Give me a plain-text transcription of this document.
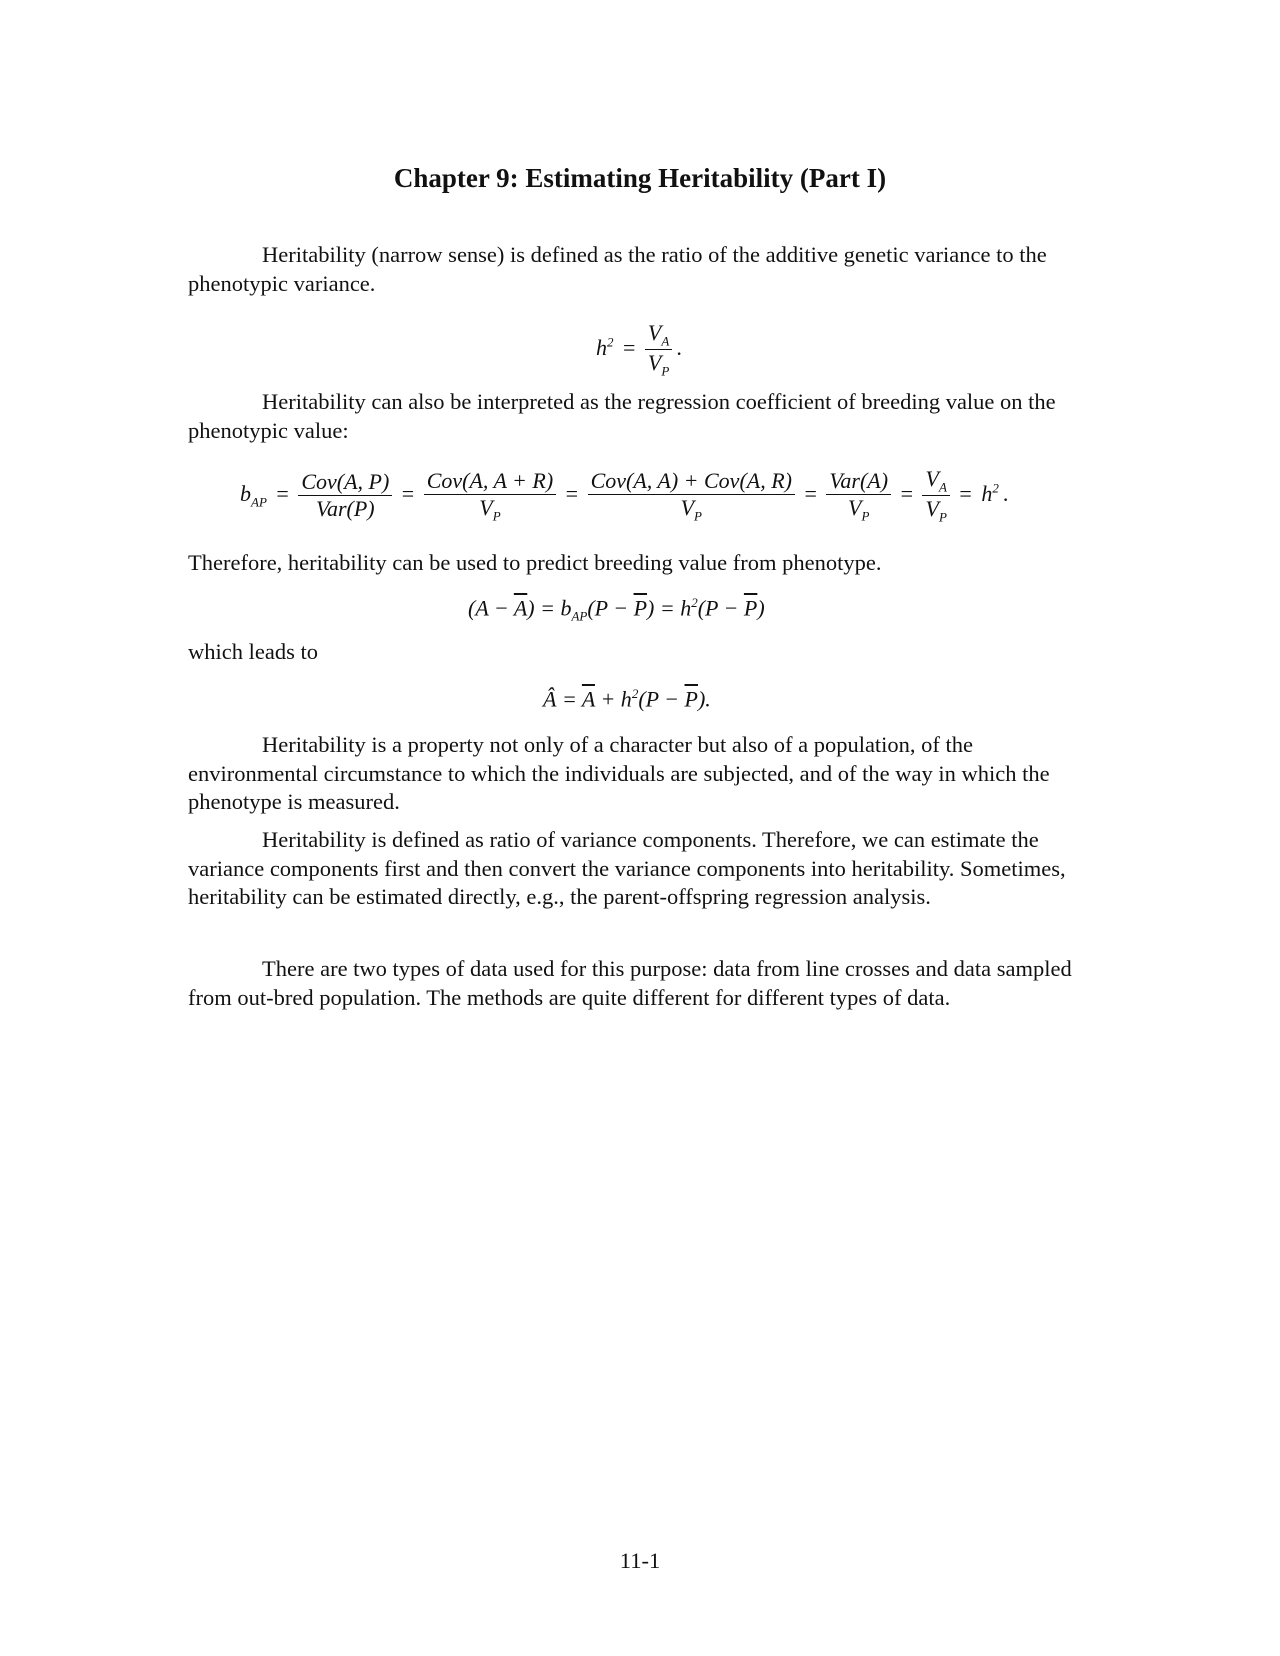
Chapter 9: Estimating Heritability (Part I)

Heritability (narrow sense) is defined as the ratio of the additive genetic variance to the phenotypic variance.

$h^2 = \frac{V_A}{V_P}$ .

Heritability can also be interpreted as the regression coefficient of breeding value on the phenotypic value:

$b_{AP} = \frac{\text{Cov(A, P)}}{\text{Var(P)}} = \frac{\text{Cov(A, A + R)}}{V_P} = \frac{\text{Cov(A, A) + Cov(A, R)}}{V_P} = \frac{\text{Var(A)}}{V_P} = \frac{V_A}{V_P} = h^2$ .

Therefore, heritability can be used to predict breeding value from phenotype.

$(A - \overline{A}) = b_{AP}(P - \overline{P}) = h^2(P - \overline{P})$

which leads to

Â = $\overline{A} + h^2(P - \overline{P})$.

Heritability is a property not only of a character but also of a population, of the environmental circumstance to which the individuals are subjected, and of the way in which the phenotype is measured.

Heritability is defined as ratio of variance components. Therefore, we can estimate the variance components first and then convert the variance components into heritability. Sometimes, heritability can be estimated directly, e.g., the parent-offspring regression analysis.

There are two types of data used for this purpose: data from line crosses and data sampled from out-bred population. The methods are quite different for different types of data.

11-1
